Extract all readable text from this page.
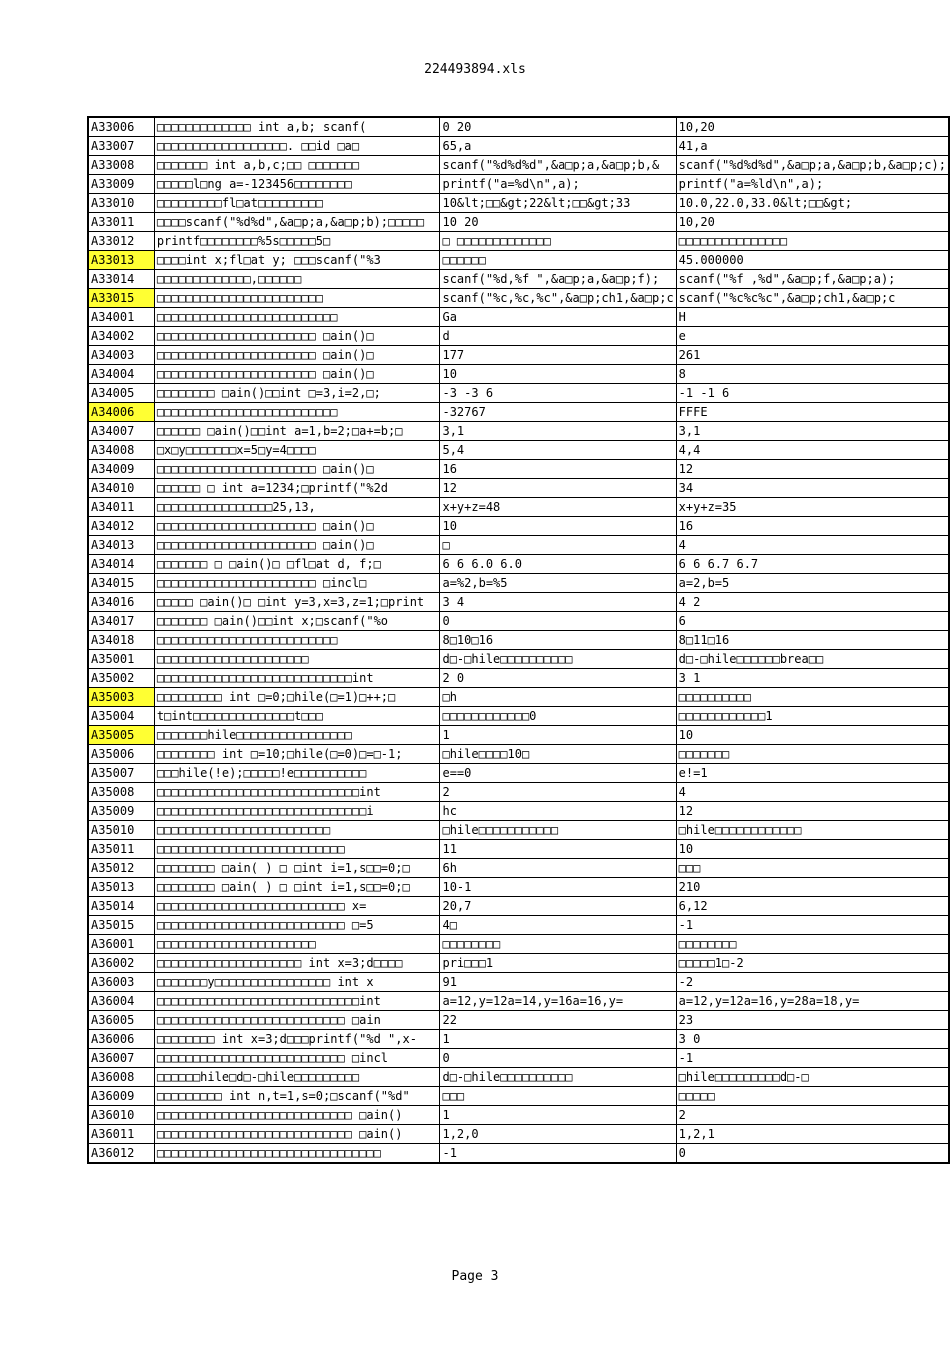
224493894.xls
A33006	□□□□□□□□□□□□□ int a,b; scanf(	0 20	10,20
A33007	□□□□□□□□□□□□□□□□□□. □□id □a□	65,a	41,a
A33008	□□□□□□□ int a,b,c;□□ □□□□□□□	scanf("%d%d%d",&a□p;a,&a□p;b,&	scanf("%d%d%d",&a□p;a,&a□p;b,&a□p;c);
A33009	□□□□□l□ng a=-123456□□□□□□□□	printf("a=%d\n",a);	printf("a=%ld\n",a);
A33010	□□□□□□□□□fl□at□□□□□□□□□	10&lt;□□&gt;22&lt;□□&gt;33	10.0,22.0,33.0&lt;□□&gt;
A33011	□□□□scanf("%d%d",&a□p;a,&a□p;b);□□□□□	10 20	10,20
A33012	printf□□□□□□□□%5s□□□□□5□	□ □□□□□□□□□□□□□	□□□□□□□□□□□□□□□
A33013	□□□□int x;fl□at y; □□□scanf("%3	□□□□□□	45.000000
A33014	□□□□□□□□□□□□□,□□□□□□	scanf("%d,%f ",&a□p;a,&a□p;f);	scanf("%f ,%d",&a□p;f,&a□p;a);
A33015	□□□□□□□□□□□□□□□□□□□□□□□	scanf("%c,%c,%c",&a□p;ch1,&a□p;c	scanf("%c%c%c",&a□p;ch1,&a□p;c
A34001	□□□□□□□□□□□□□□□□□□□□□□□□□	Ga	H
A34002	□□□□□□□□□□□□□□□□□□□□□□ □ain()□	d	e
A34003	□□□□□□□□□□□□□□□□□□□□□□ □ain()□	177	261
A34004	□□□□□□□□□□□□□□□□□□□□□□ □ain()□	10	8
A34005	□□□□□□□□ □ain()□□int □=3,i=2,□;	-3 -3 6	-1 -1 6
A34006	□□□□□□□□□□□□□□□□□□□□□□□□□	-32767	FFFE
A34007	□□□□□□ □ain()□□int a=1,b=2;□a+=b;□	3,1	3,1
A34008	□x□y□□□□□□□x=5□y=4□□□□	5,4	4,4
A34009	□□□□□□□□□□□□□□□□□□□□□□ □ain()□	16	12
A34010	□□□□□□ □ int a=1234;□printf("%2d	12	34
A34011	□□□□□□□□□□□□□□□□25,13,	x+y+z=48	x+y+z=35
A34012	□□□□□□□□□□□□□□□□□□□□□□ □ain()□	10	16
A34013	□□□□□□□□□□□□□□□□□□□□□□ □ain()□	□	4
A34014	□□□□□□□ □ □ain()□ □fl□at d, f;□	6 6 6.0 6.0	6 6 6.7 6.7
A34015	□□□□□□□□□□□□□□□□□□□□□□ □incl□	a=%2,b=%5	a=2,b=5
A34016	□□□□□ □ain()□ □int y=3,x=3,z=1;□print	3 4	4 2
A34017	□□□□□□□ □ain()□□int x;□scanf("%o	0	6
A34018	□□□□□□□□□□□□□□□□□□□□□□□□□	8□10□16	8□11□16
A35001	□□□□□□□□□□□□□□□□□□□□□	d□-□hile□□□□□□□□□□	d□-□hile□□□□□□brea□□
A35002	□□□□□□□□□□□□□□□□□□□□□□□□□□□int	2 0	3 1
A35003	□□□□□□□□□ int □=0;□hile(□=1)□++;□	□h	□□□□□□□□□□
A35004	t□int□□□□□□□□□□□□□□t□□□	□□□□□□□□□□□□0	□□□□□□□□□□□□1
A35005	□□□□□□□hile□□□□□□□□□□□□□□□□	1	10
A35006	□□□□□□□□ int □=10;□hile(□=0)□=□-1;	□hile□□□□10□	□□□□□□□
A35007	□□□hile(!e);□□□□□!e□□□□□□□□□□	e==0	e!=1
A35008	□□□□□□□□□□□□□□□□□□□□□□□□□□□□int	2	4
A35009	□□□□□□□□□□□□□□□□□□□□□□□□□□□□□i	hc	12
A35010	□□□□□□□□□□□□□□□□□□□□□□□□	□hile□□□□□□□□□□□	□hile□□□□□□□□□□□□
A35011	□□□□□□□□□□□□□□□□□□□□□□□□□□	11	10
A35012	□□□□□□□□ □ain( ) □ □int i=1,s□□=0;□	6h	□□□
A35013	□□□□□□□□ □ain( ) □ □int i=1,s□□=0;□	10-1	210
A35014	□□□□□□□□□□□□□□□□□□□□□□□□□□ x=	20,7	6,12
A35015	□□□□□□□□□□□□□□□□□□□□□□□□□□ □=5	4□	-1
A36001	□□□□□□□□□□□□□□□□□□□□□□	□□□□□□□□	□□□□□□□□
A36002	□□□□□□□□□□□□□□□□□□□□ int x=3;d□□□□	pri□□□1	□□□□□1□-2
A36003	□□□□□□□y□□□□□□□□□□□□□□□□ int x	91	-2
A36004	□□□□□□□□□□□□□□□□□□□□□□□□□□□□int	a=12,y=12a=14,y=16a=16,y=	a=12,y=12a=16,y=28a=18,y=
A36005	□□□□□□□□□□□□□□□□□□□□□□□□□□ □ain	22	23
A36006	□□□□□□□□ int x=3;d□□□printf("%d ",x-	1	3 0
A36007	□□□□□□□□□□□□□□□□□□□□□□□□□□ □incl	0	-1
A36008	□□□□□□hile□d□-□hile□□□□□□□□□	d□-□hile□□□□□□□□□□	□hile□□□□□□□□□d□-□
A36009	□□□□□□□□□ int n,t=1,s=0;□scanf("%d"	□□□	□□□□□
A36010	□□□□□□□□□□□□□□□□□□□□□□□□□□□ □ain()	1	2
A36011	□□□□□□□□□□□□□□□□□□□□□□□□□□□ □ain()	1,2,0	1,2,1
A36012	□□□□□□□□□□□□□□□□□□□□□□□□□□□□□□□	-1	0
Page 3
